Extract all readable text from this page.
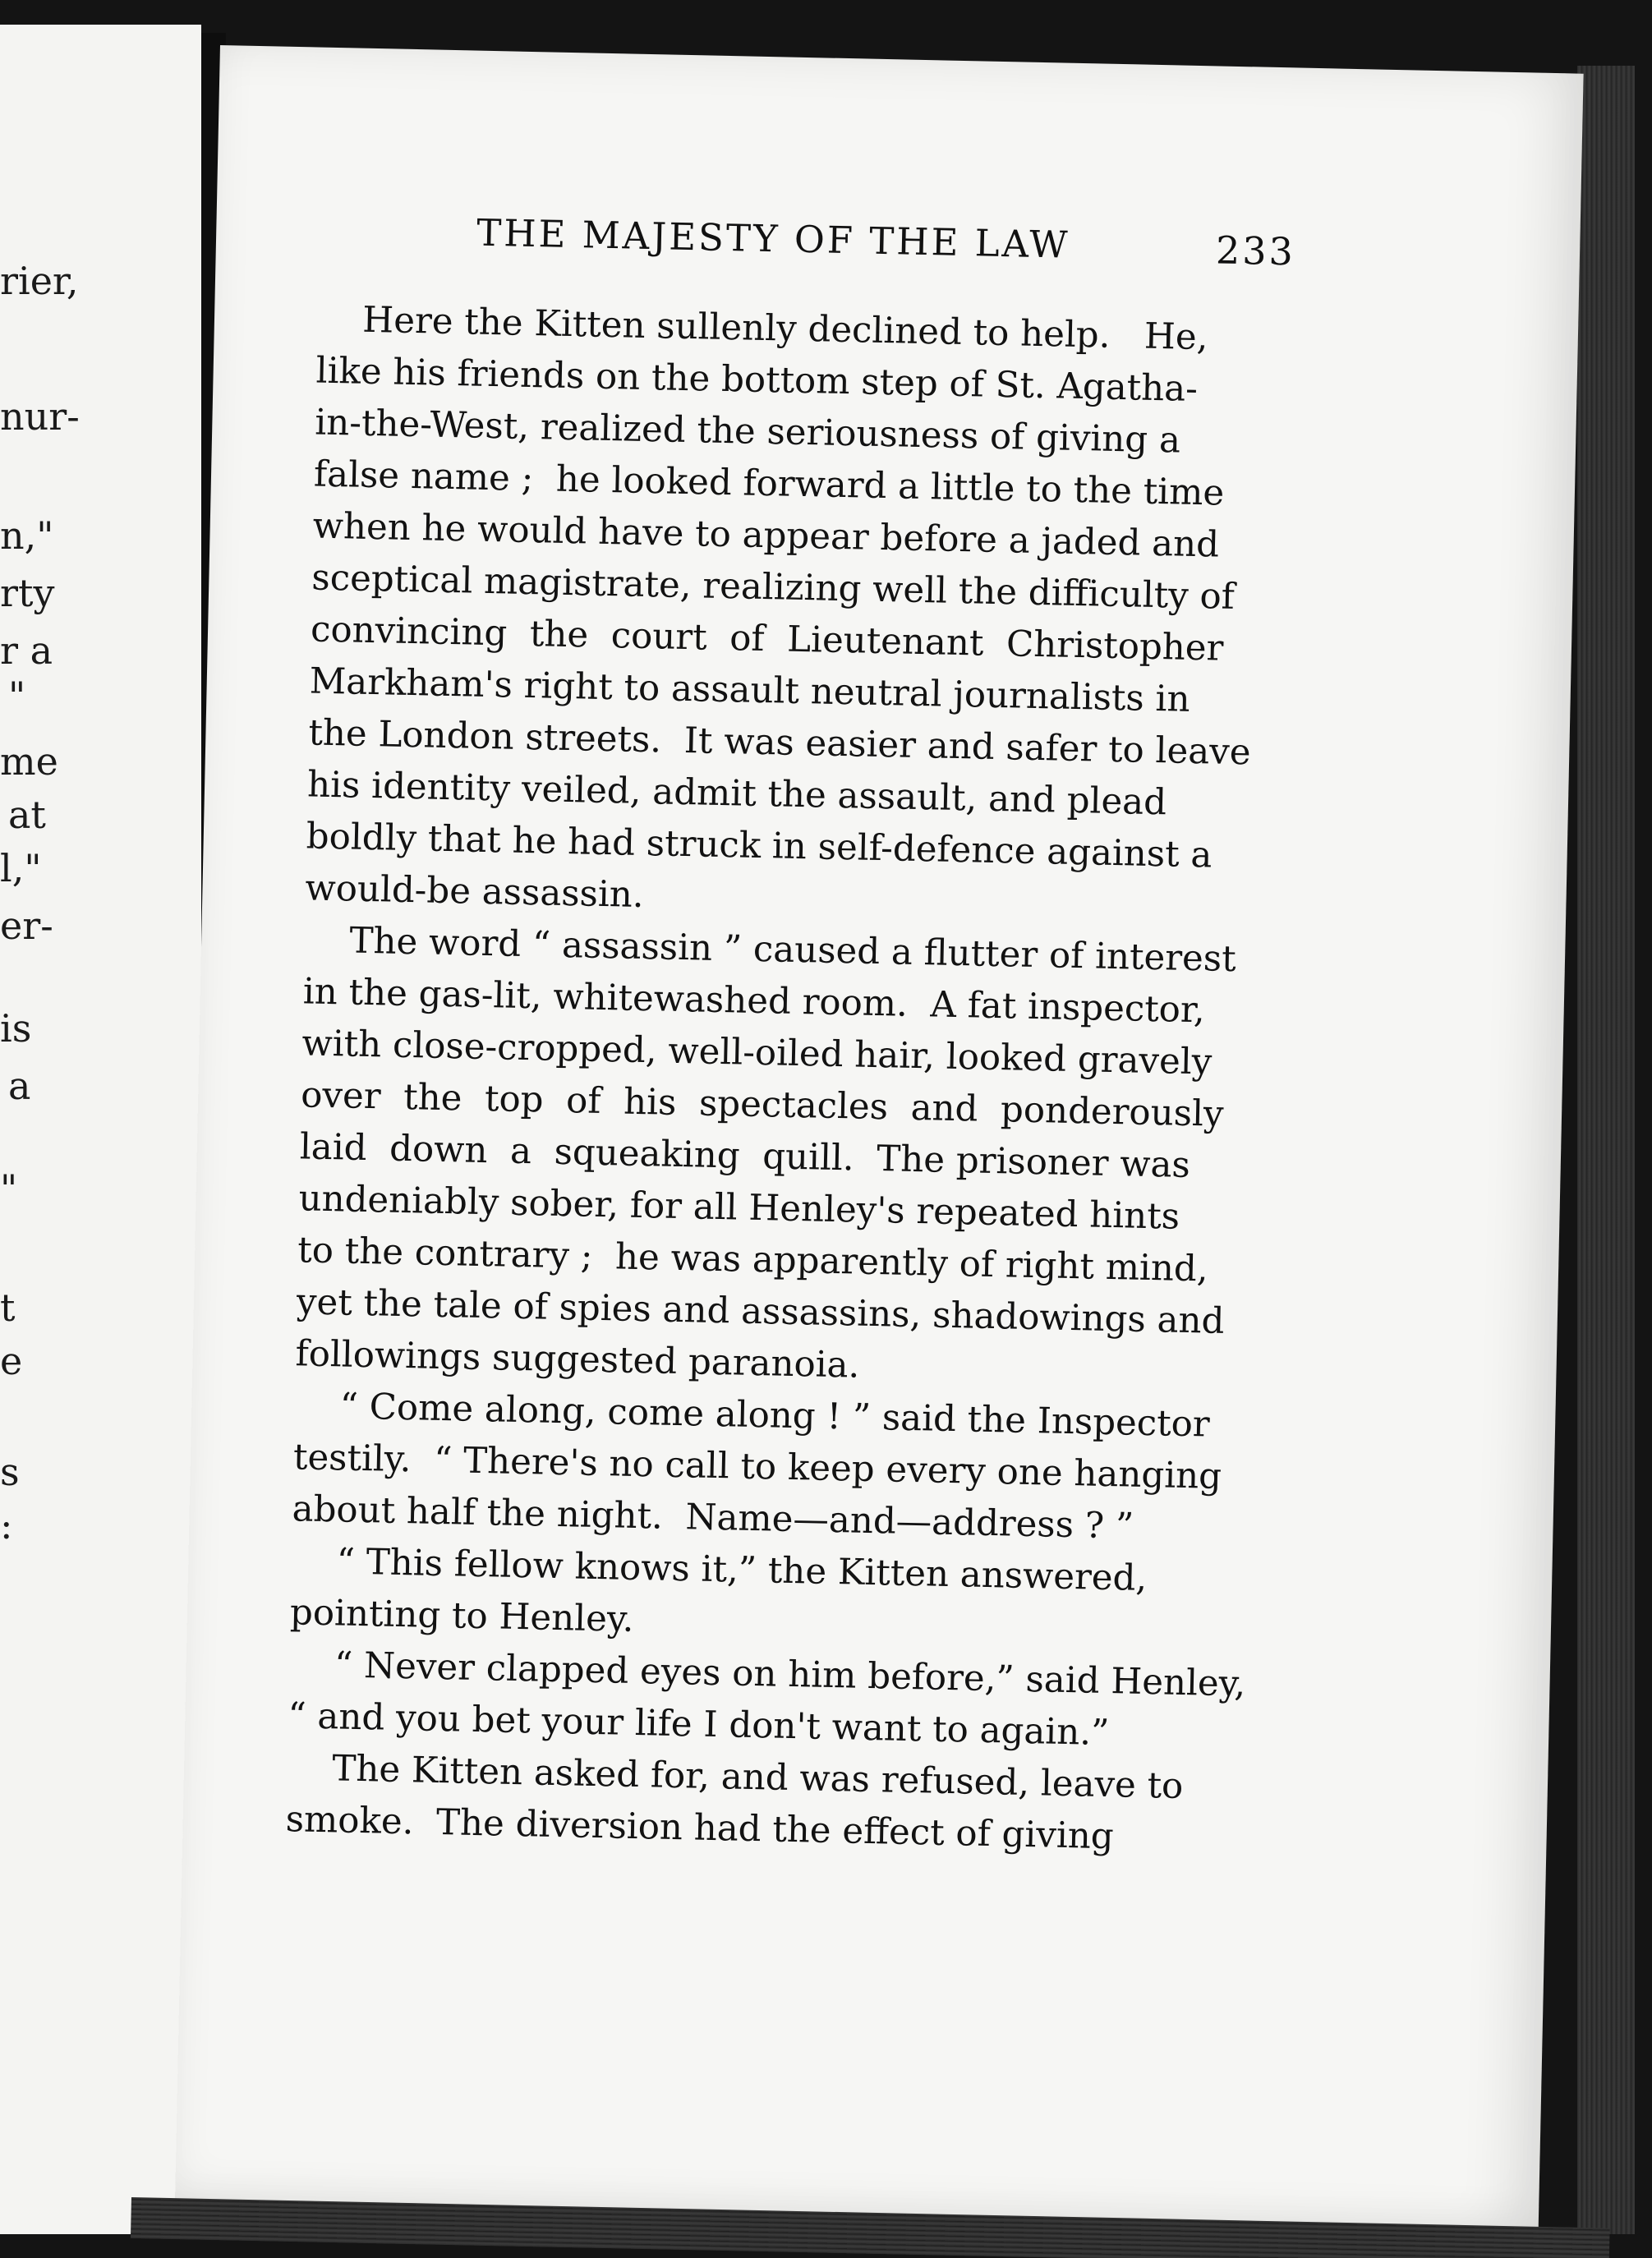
rier,
nur-
n,"
rty
r a
"
me
at
l,"
er-
is
a
"
t
e
s
:
THE MAJESTY OF THE LAW	233
Here the Kitten sullenly declined to help.   He,
like his friends on the bottom step of St. Agatha-
in-the-West, realized the seriousness of giving a
false name ;  he looked forward a little to the time
when he would have to appear before a jaded and
sceptical magistrate, realizing well the difficulty of
convincing  the  court  of  Lieutenant  Christopher
Markham's right to assault neutral journalists in
the London streets.  It was easier and safer to leave
his identity veiled, admit the assault, and plead
boldly that he had struck in self-defence against a
would-be assassin.
The word “ assassin ” caused a flutter of interest
in the gas-lit, whitewashed room.  A fat inspector,
with close-cropped, well-oiled hair, looked gravely
over  the  top  of  his  spectacles  and  ponderously
laid  down  a  squeaking  quill.  The prisoner was
undeniably sober, for all Henley's repeated hints
to the contrary ;  he was apparently of right mind,
yet the tale of spies and assassins, shadowings and
followings suggested paranoia.
“ Come along, come along ! ” said the Inspector
testily.  “ There's no call to keep every one hanging
about half the night.  Name—and—address ? ”
“ This fellow knows it,” the Kitten answered,
pointing to Henley.
“ Never clapped eyes on him before,” said Henley,
“ and you bet your life I don't want to again.”
The Kitten asked for, and was refused, leave to
smoke.  The diversion had the effect of giving
